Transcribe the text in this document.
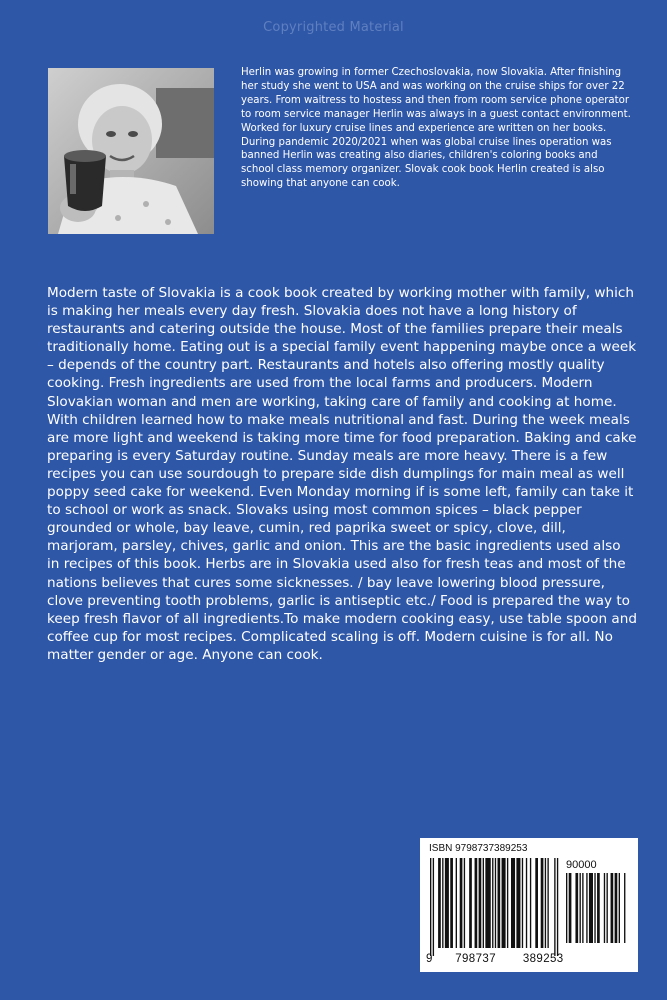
Copyrighted Material

Herlin was growing in former Czechoslovakia, now Slovakia. After finishing her study she went to USA and was working on the cruise ships for over 22 years. From waitress to hostess and then from room service phone operator to room service manager Herlin was always in a guest contact environment. Worked for luxury cruise lines and experience are written on her books. During pandemic 2020/2021 when was global cruise lines operation was banned Herlin was creating also diaries, children's coloring books and school class memory organizer. Slovak cook book Herlin created is also showing that anyone can cook.

Modern taste of Slovakia is a cook book created by working mother with family, which is making her meals every day fresh. Slovakia does not have a long history of restaurants and catering outside the house. Most of the families prepare their meals traditionally home. Eating out is a special family event happening maybe once a week – depends of the country part. Restaurants and hotels also offering mostly quality cooking. Fresh ingredients are used from the local farms and producers. Modern Slovakian woman and men are working, taking care of family and cooking at home. With children learned how to make meals nutritional and fast. During the week meals are more light and weekend is taking more time for food preparation. Baking and cake preparing is every Saturday routine. Sunday meals are more heavy. There is a few recipes you can use sourdough to prepare side dish dumplings for main meal as well poppy seed cake for weekend. Even Monday morning if is some left, family can take it to school or work as snack. Slovaks using most common spices – black pepper grounded or whole, bay leave, cumin, red paprika sweet or spicy, clove, dill, marjoram, parsley, chives, garlic and onion. This are the basic ingredients used also in recipes of this book. Herbs are in Slovakia used also for fresh teas and most of the nations believes that cures some sicknesses. / bay leave lowering blood pressure, clove preventing tooth problems, garlic is antiseptic etc./ Food is prepared the way to keep fresh flavor of all ingredients.To make modern cooking easy, use table spoon and coffee cup for most recipes. Complicated scaling is off. Modern cuisine is for all. No matter gender or age. Anyone can cook.

ISBN 9798737389253
90000
9 798737 389253
